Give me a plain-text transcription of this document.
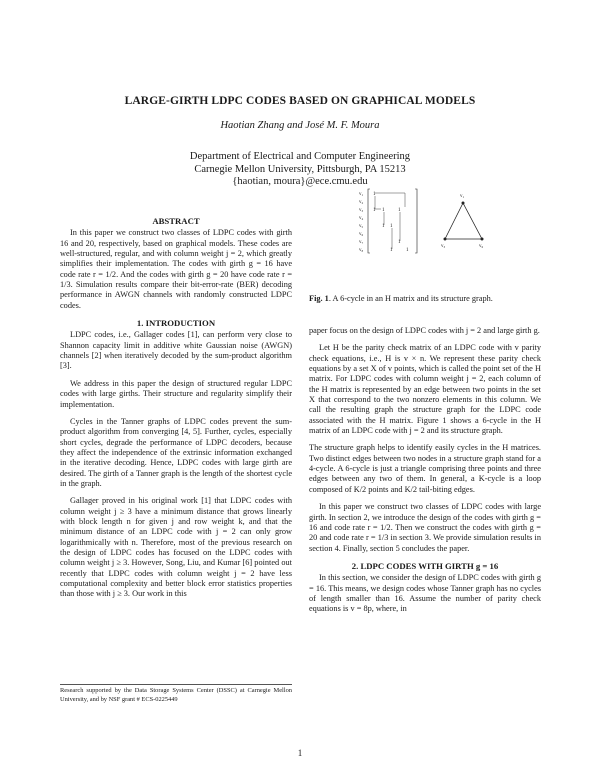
LARGE-GIRTH LDPC CODES BASED ON GRAPHICAL MODELS
Haotian Zhang and José M. F. Moura
Department of Electrical and Computer Engineering
Carnegie Mellon University, Pittsburgh, PA 15213
{haotian, moura}@ece.cmu.edu
ABSTRACT

In this paper we construct two classes of LDPC codes with girth 16 and 20, respectively, based on graphical models. These codes are well-structured, regular, and with column weight j = 2, which greatly simplifies their implementation. The codes with girth g = 16 have code rate r = 1/2. And the codes with girth g = 20 have code rate r = 1/3. Simulation results compare their bit-error-rate (BER) decoding performance in AWGN channels with randomly constructed LDPC codes.

1. INTRODUCTION

LDPC codes, i.e., Gallager codes [1], can perform very close to Shannon capacity limit in additive white Gaussian noise (AWGN) channels [2] when iteratively decoded by the sum-product algorithm [3].

We address in this paper the design of structured regular LDPC codes with large girths. Their structure and regularity simplify their implementation.

Cycles in the Tanner graphs of LDPC codes prevent the sum-product algorithm from converging [4, 5]. Further, cycles, especially short cycles, degrade the performance of LDPC decoders, because they affect the independence of the extrinsic information exchanged in the iterative decoding. Hence, LDPC codes with large girth are desired. The girth of a Tanner graph is the length of the shortest cycle in the graph.

Gallager proved in his original work [1] that LDPC codes with column weight j ≥ 3 have a minimum distance that grows linearly with block length n for given j and row weight k, and that the minimum distance of an LDPC code with j = 2 can only grow logarithmically with n. Therefore, most of the previous research on the design of LDPC codes has focused on the LDPC codes with column weight j ≥ 3. However, Song, Liu, and Kumar [6] pointed out recently that LDPC codes with column weight j = 2 have less computational complexity and better block error statistics properties than those with j ≥ 3. Our work in this

Research supported by the Data Storage Systems Center (DSSC) at Carnegie Mellon University, and by NSF grant # ECS-0225449
v₁
v₂
v₃
v₄
v₅
v₆
v₇
v₈
1
1 1	1
1 1
1
1
1
v₁
v₃	v₆
Fig. 1. A 6-cycle in an H matrix and its structure graph.

paper focus on the design of LDPC codes with j = 2 and large girth g.

Let H be the parity check matrix of an LDPC code with v parity check equations, i.e., H is v × n. We represent these parity check equations by a set X of v points, which is called the point set of the H matrix. For LDPC codes with column weight j = 2, each column of the H matrix is represented by an edge between two points in the set X that correspond to the two nonzero elements in this column. We call the resulting graph the structure graph for the LDPC code associated with the H matrix. Figure 1 shows a 6-cycle in the H matrix of an LDPC code with j = 2 and its structure graph.

The structure graph helps to identify easily cycles in the H matrices. Two distinct edges between two nodes in a structure graph stand for a 4-cycle. A 6-cycle is just a triangle comprising three points and three edges between any two of them. In general, a K-cycle is a loop composed of K/2 points and K/2 tail-biting edges.

In this paper we construct two classes of LDPC codes with large girth. In section 2, we introduce the design of the codes with girth g = 16 and code rate r = 1/2. Then we construct the codes with girth g = 20 and code rate r = 1/3 in section 3. We provide simulation results in section 4. Finally, section 5 concludes the paper.

2. LDPC CODES WITH GIRTH g = 16

In this section, we consider the design of LDPC codes with girth g = 16. This means, we design codes whose Tanner graph has no cycles of length smaller than 16. Assume the number of parity check equations is v = 8p, where, in

1
